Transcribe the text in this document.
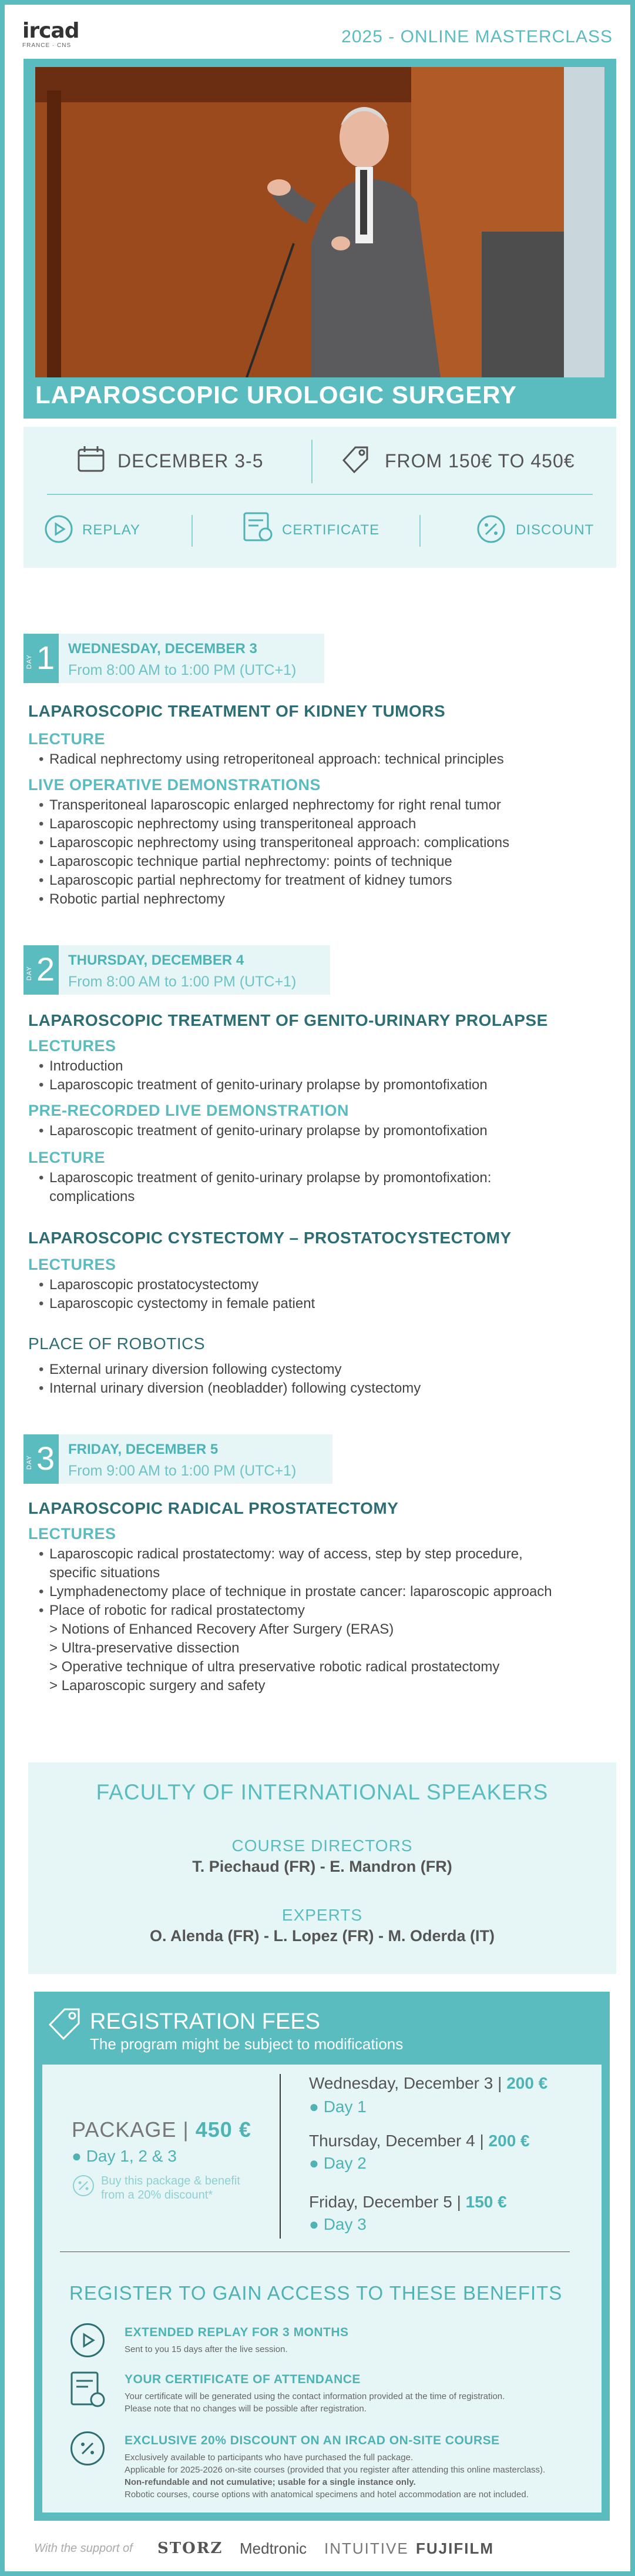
ircad
FRANCE · CNS	2025 - ONLINE MASTERCLASS
LAPAROSCOPIC UROLOGIC SURGERY
DECEMBER 3-5	FROM 150€ TO 450€
REPLAY	CERTIFICATE	DISCOUNT
DAY 1 WEDNESDAY, DECEMBER 3
From 8:00 AM to 1:00 PM (UTC+1)
LAPAROSCOPIC TREATMENT OF KIDNEY TUMORS
LECTURE
• Radical nephrectomy using retroperitoneal approach: technical principles
LIVE OPERATIVE DEMONSTRATIONS
• Transperitoneal laparoscopic enlarged nephrectomy for right renal tumor
• Laparoscopic nephrectomy using transperitoneal approach
• Laparoscopic nephrectomy using transperitoneal approach: complications
• Laparoscopic technique partial nephrectomy: points of technique
• Laparoscopic partial nephrectomy for treatment of kidney tumors
• Robotic partial nephrectomy
DAY 2 THURSDAY, DECEMBER 4
From 8:00 AM to 1:00 PM (UTC+1)
LAPAROSCOPIC TREATMENT OF GENITO-URINARY PROLAPSE
LECTURES
• Introduction
• Laparoscopic treatment of genito-urinary prolapse by promontofixation
PRE-RECORDED LIVE DEMONSTRATION
• Laparoscopic treatment of genito-urinary prolapse by promontofixation
LECTURE
• Laparoscopic treatment of genito-urinary prolapse by promontofixation:
complications
LAPAROSCOPIC CYSTECTOMY – PROSTATOCYSTECTOMY
LECTURES
• Laparoscopic prostatocystectomy
• Laparoscopic cystectomy in female patient
PLACE OF ROBOTICS
• External urinary diversion following cystectomy
• Internal urinary diversion (neobladder) following cystectomy
DAY 3 FRIDAY, DECEMBER 5
From 9:00 AM to 1:00 PM (UTC+1)
LAPAROSCOPIC RADICAL PROSTATECTOMY
LECTURES
• Laparoscopic radical prostatectomy: way of access, step by step procedure,
specific situations
• Lymphadenectomy place of technique in prostate cancer: laparoscopic approach
• Place of robotic for radical prostatectomy
> Notions of Enhanced Recovery After Surgery (ERAS)
> Ultra-preservative dissection
> Operative technique of ultra preservative robotic radical prostatectomy
> Laparoscopic surgery and safety
FACULTY OF INTERNATIONAL SPEAKERS
COURSE DIRECTORS
T. Piechaud (FR) - E. Mandron (FR)
EXPERTS
O. Alenda (FR) - L. Lopez (FR) - M. Oderda (IT)
REGISTRATION FEES
The program might be subject to modifications
PACKAGE | 450 €
● Day 1, 2 & 3
Buy this package & benefit
from a 20% discount*
Wednesday, December 3 | 200 €
● Day 1
Thursday, December 4 | 200 €
● Day 2
Friday, December 5 | 150 €
● Day 3
REGISTER TO GAIN ACCESS TO THESE BENEFITS
EXTENDED REPLAY FOR 3 MONTHS
Sent to you 15 days after the live session.
YOUR CERTIFICATE OF ATTENDANCE
Your certificate will be generated using the contact information provided at the time of registration.
Please note that no changes will be possible after registration.
EXCLUSIVE 20% DISCOUNT ON AN IRCAD ON-SITE COURSE
Exclusively available to participants who have purchased the full package.
Applicable for 2025-2026 on-site courses (provided that you register after attending this online masterclass).
Non-refundable and not cumulative; usable for a single instance only.
Robotic courses, course options with anatomical specimens and hotel accommodation are not included.
With the support of STORZ Medtronic INTUITIVE FUJIFILM
